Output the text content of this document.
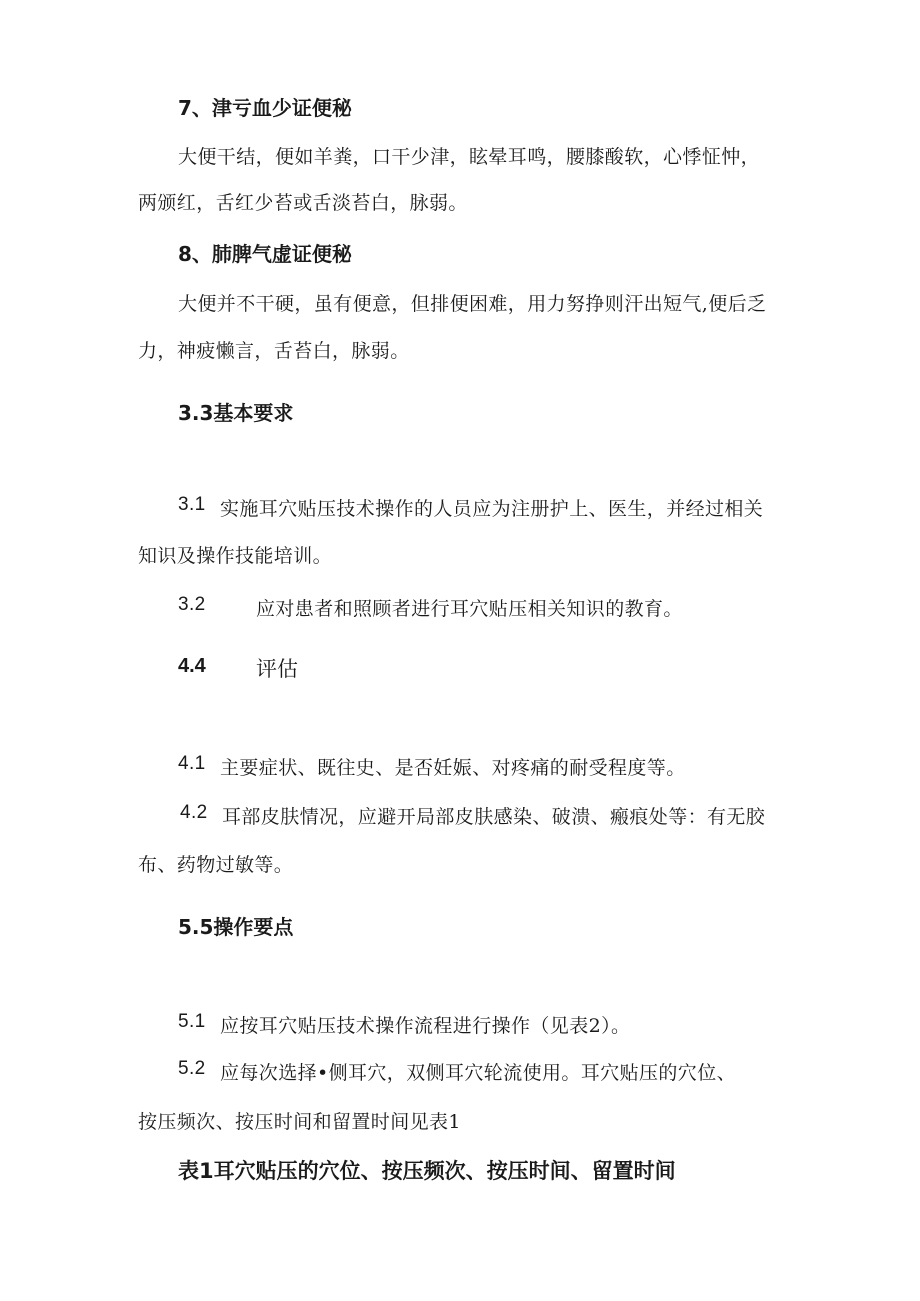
7、津亏血少证便秘
大便干结，便如羊粪，口干少津，眩晕耳鸣，腰膝酸软，心悸怔忡，
两颁红，舌红少苔或舌淡苔白，脉弱。
8、肺脾气虚证便秘
大便并不干硬，虽有便意，但排便困难，用力努挣则汗出短气,便后乏
力，神疲懒言，舌苔白，脉弱。
3.3基本要求
3.1 实施耳穴贴压技术操作的人员应为注册护上、医生，并经过相关
知识及操作技能培训。
3.2	应对患者和照顾者进行耳穴贴压相关知识的教育。
4.4 评估
4.1 主要症状、既往史、是否妊娠、对疼痛的耐受程度等。
4.2 耳部皮肤情况，应避开局部皮肤感染、破溃、瘢痕处等：有无胶
布、药物过敏等。
5.5操作要点
5.1 应按耳穴贴压技术操作流程进行操作（见表2）。
5.2 应每次选择•侧耳穴，双侧耳穴轮流使用。耳穴贴压的穴位、
按压频次、按压时间和留置时间见表1
表1耳穴贴压的穴位、按压频次、按压时间、留置时间
